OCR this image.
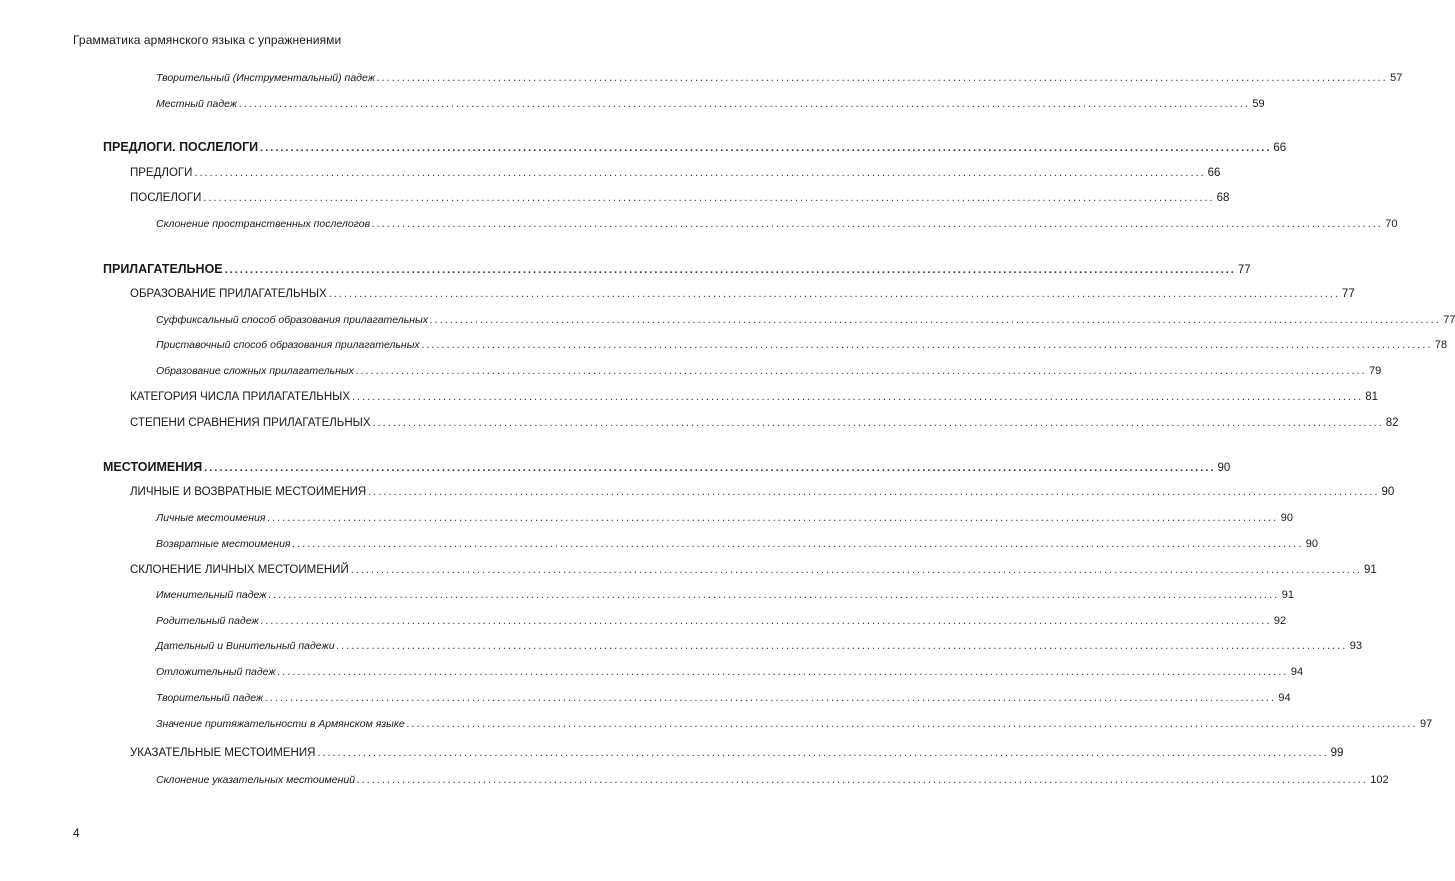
Грамматика армянского языка с упражнениями
Творительный (Инструментальный) падеж ........................................................................................................................................................................................................ 57
Местный падеж ........................................................................................................................................................................................................ 59
ПРЕДЛОГИ. ПОСЛЕЛОГИ ........................................................................................................................................................................................................ 66
ПРЕДЛОГИ ........................................................................................................................................................................................................ 66
ПОСЛЕЛОГИ ........................................................................................................................................................................................................ 68
Склонение пространственных послелогов ........................................................................................................................................................................................................ 70
ПРИЛАГАТЕЛЬНОЕ ........................................................................................................................................................................................................ 77
ОБРАЗОВАНИЕ ПРИЛАГАТЕЛЬНЫХ ........................................................................................................................................................................................................ 77
Суффиксальный способ образования прилагательных ........................................................................................................................................................................................................ 77
Приставочный способ образования прилагательных ........................................................................................................................................................................................................ 78
Образование сложных прилагательных ........................................................................................................................................................................................................ 79
КАТЕГОРИЯ ЧИСЛА ПРИЛАГАТЕЛЬНЫХ ........................................................................................................................................................................................................ 81
СТЕПЕНИ СРАВНЕНИЯ ПРИЛАГАТЕЛЬНЫХ ........................................................................................................................................................................................................ 82
МЕСТОИМЕНИЯ ........................................................................................................................................................................................................ 90
ЛИЧНЫЕ И ВОЗВРАТНЫЕ МЕСТОИМЕНИЯ ........................................................................................................................................................................................................ 90
Личные местоимения ........................................................................................................................................................................................................ 90
Возвратные местоимения ........................................................................................................................................................................................................ 90
СКЛОНЕНИЕ ЛИЧНЫХ МЕСТОИМЕНИЙ ........................................................................................................................................................................................................ 91
Именительный падеж ........................................................................................................................................................................................................ 91
Родительный падеж ........................................................................................................................................................................................................ 92
Дательный и Винительный падежи ........................................................................................................................................................................................................ 93
Отложительный падеж ........................................................................................................................................................................................................ 94
Творительный падеж ........................................................................................................................................................................................................ 94
Значение притяжательности в Армянском языке ........................................................................................................................................................................................................ 97
УКАЗАТЕЛЬНЫЕ МЕСТОИМЕНИЯ ........................................................................................................................................................................................................ 99
Склонение указательных местоимений ........................................................................................................................................................................................................ 102
4
